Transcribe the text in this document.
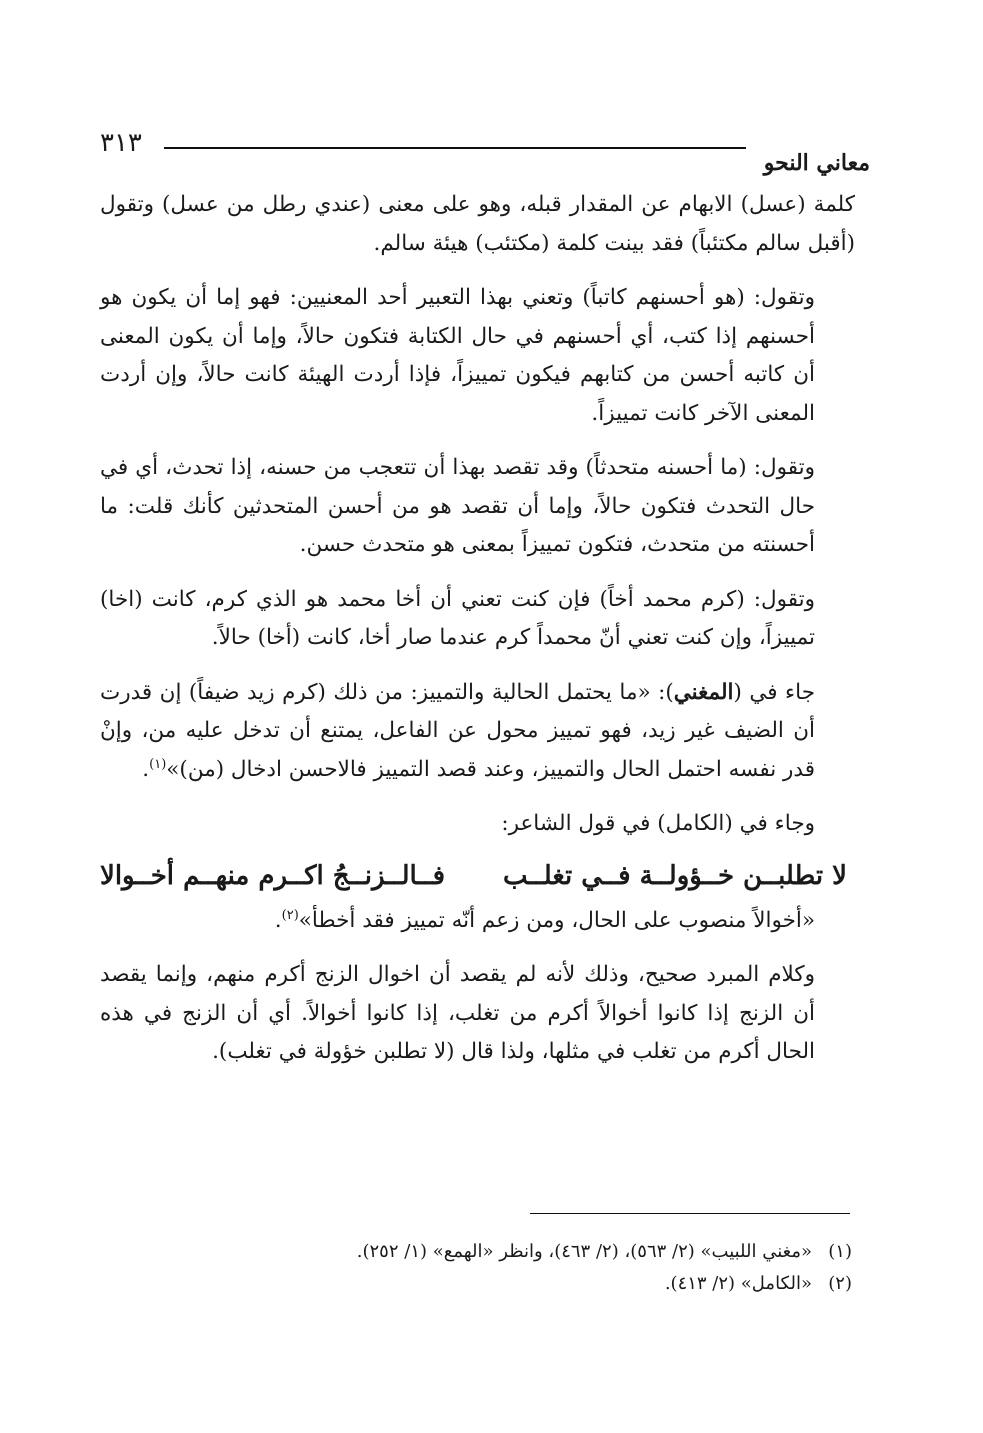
٣١٣
معاني النحو

كلمة (عسل) الابهام عن المقدار قبله، وهو على معنى (عندي رطل من عسل) وتقول (أقبل سالم مكتئباً) فقد بينت كلمة (مكتئب) هيئة سالم.

وتقول: (هو أحسنهم كاتباً) وتعني بهذا التعبير أحد المعنيين: فهو إما أن يكون هو أحسنهم إذا كتب، أي أحسنهم في حال الكتابة فتكون حالاً، وإما أن يكون المعنى أن كاتبه أحسن من كتابهم فيكون تمييزاً، فإذا أردت الهيئة كانت حالاً، وإن أردت المعنى الآخر كانت تمييزاً.

وتقول: (ما أحسنه متحدثاً) وقد تقصد بهذا أن تتعجب من حسنه، إذا تحدث، أي في حال التحدث فتكون حالاً، وإما أن تقصد هو من أحسن المتحدثين كأنك قلت: ما أحسنته من متحدث، فتكون تمييزاً بمعنى هو متحدث حسن.

وتقول: (كرم محمد أخاً) فإن كنت تعني أن أخا محمد هو الذي كرم، كانت (اخا) تمييزاً، وإن كنت تعني أنّ محمداً كرم عندما صار أخا، كانت (أخا) حالاً.

جاء في (المغني): «ما يحتمل الحالية والتمييز: من ذلك (كرم زيد ضيفاً) إن قدرت أن الضيف غير زيد، فهو تمييز محول عن الفاعل، يمتنع أن تدخل عليه من، وإنْ قدر نفسه احتمل الحال والتمييز، وعند قصد التمييز فالاحسن ادخال (من)»$^{(١)}$.

وجاء في (الكامل) في قول الشاعر:

لا تطلبــن خــؤولــة فــي تغلــب
فــالــزنــجُ اكــرم منهــم أخــوالا

«أخوالاً منصوب على الحال، ومن زعم أنّه تمييز فقد أخطأ»$^{(٢)}$.

وكلام المبرد صحيح، وذلك لأنه لم يقصد أن اخوال الزنج أكرم منهم، وإنما يقصد أن الزنج إذا كانوا أخوالاً أكرم من تغلب، إذا كانوا أخوالاً. أي أن الزنج في هذه الحال أكرم من تغلب في مثلها، ولذا قال (لا تطلبن خؤولة في تغلب).

(١)«مغني اللبيب» (٢/ ٥٦٣)، (٢/ ٤٦٣)، وانظر «الهمع» (١/ ٢٥٢).

(٢)«الكامل» (٢/ ٤١٣).
